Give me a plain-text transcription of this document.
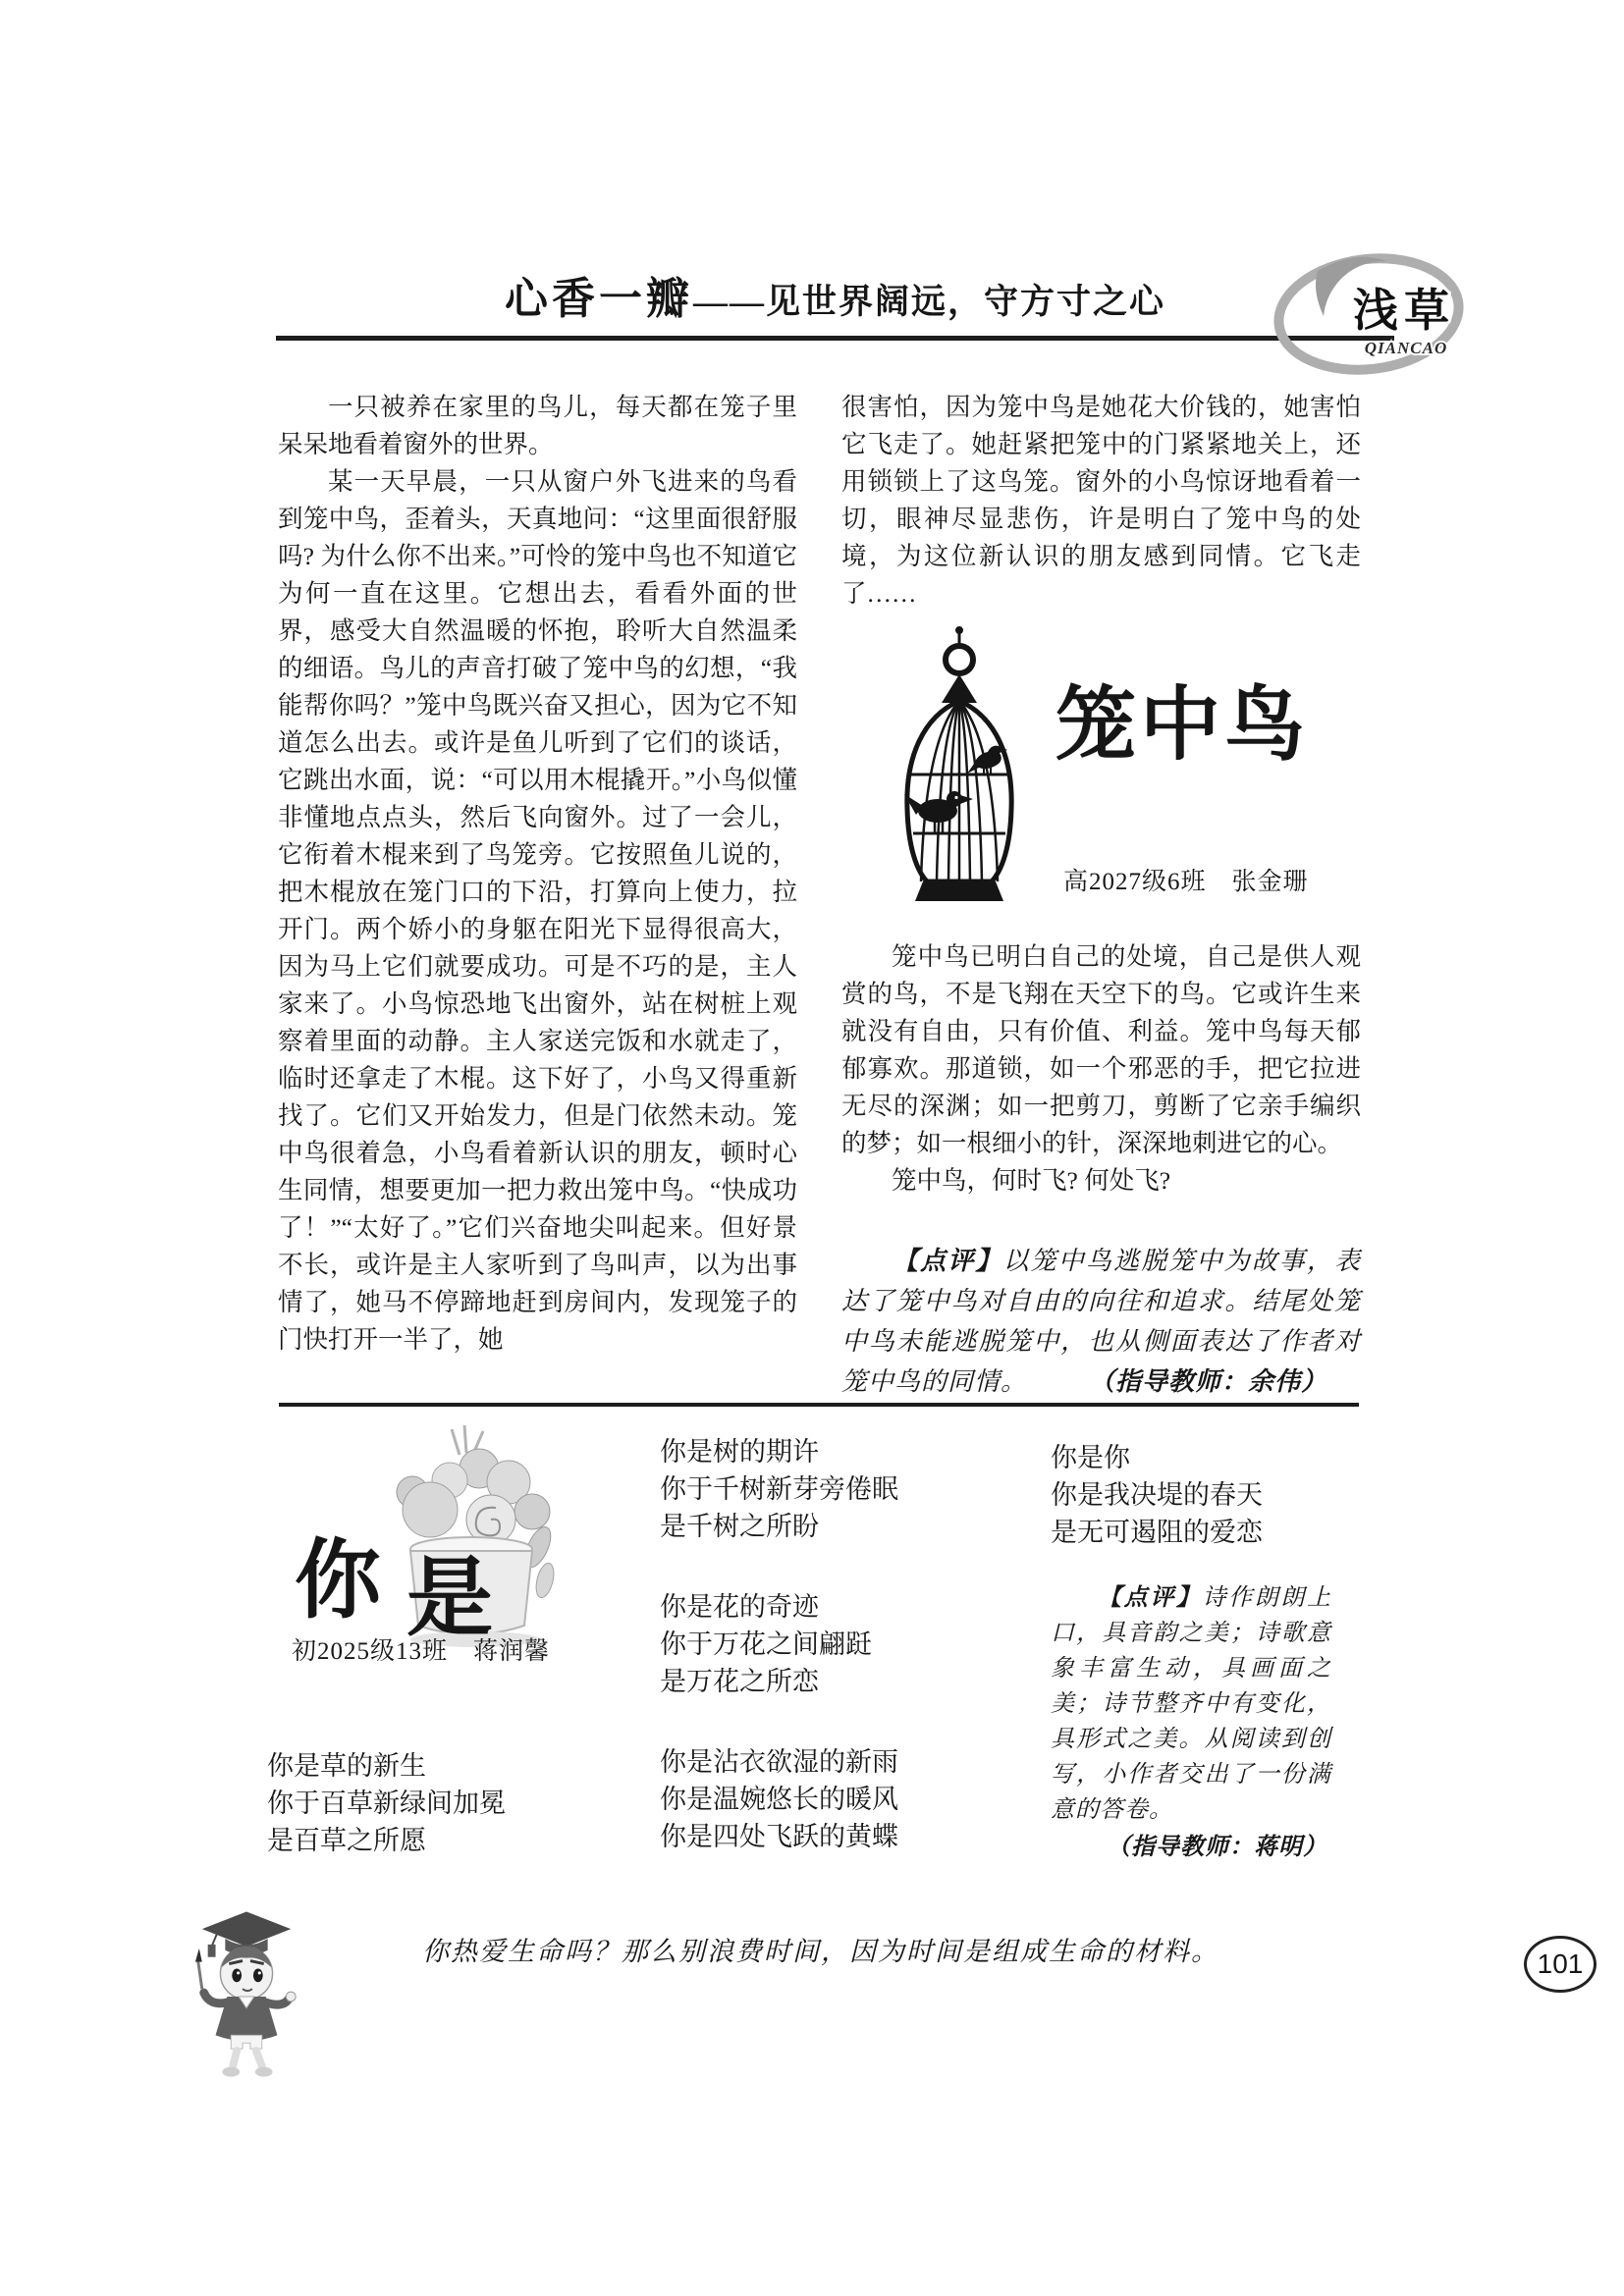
心香一瓣——见世界阔远，守方寸之心	浅草
QIANCAO

一只被养在家里的鸟儿，每天都在笼子里呆呆地看着窗外的世界。

某一天早晨，一只从窗户外飞进来的鸟看到笼中鸟，歪着头，天真地问：“这里面很舒服吗? 为什么你不出来。”可怜的笼中鸟也不知道它为何一直在这里。它想出去，看看外面的世界，感受大自然温暖的怀抱，聆听大自然温柔的细语。鸟儿的声音打破了笼中鸟的幻想，“我能帮你吗？”笼中鸟既兴奋又担心，因为它不知道怎么出去。或许是鱼儿听到了它们的谈话，它跳出水面，说：“可以用木棍撬开。”小鸟似懂非懂地点点头，然后飞向窗外。过了一会儿，它衔着木棍来到了鸟笼旁。它按照鱼儿说的，把木棍放在笼门口的下沿，打算向上使力，拉开门。两个娇小的身躯在阳光下显得很高大，因为马上它们就要成功。可是不巧的是，主人家来了。小鸟惊恐地飞出窗外，站在树桩上观察着里面的动静。主人家送完饭和水就走了，临时还拿走了木棍。这下好了，小鸟又得重新找了。它们又开始发力，但是门依然未动。笼中鸟很着急，小鸟看着新认识的朋友，顿时心生同情，想要更加一把力救出笼中鸟。“快成功了！”“太好了。”它们兴奋地尖叫起来。但好景不长，或许是主人家听到了鸟叫声，以为出事情了，她马不停蹄地赶到房间内，发现笼子的门快打开一半了，她

很害怕，因为笼中鸟是她花大价钱的，她害怕它飞走了。她赶紧把笼中的门紧紧地关上，还用锁锁上了这鸟笼。窗外的小鸟惊讶地看着一切，眼神尽显悲伤，许是明白了笼中鸟的处境，为这位新认识的朋友感到同情。它飞走了……

笼中鸟
高2027级6班　张金珊

笼中鸟已明白自己的处境，自己是供人观赏的鸟，不是飞翔在天空下的鸟。它或许生来就没有自由，只有价值、利益。笼中鸟每天郁郁寡欢。那道锁，如一个邪恶的手，把它拉进无尽的深渊；如一把剪刀，剪断了它亲手编织的梦；如一根细小的针，深深地刺进它的心。

笼中鸟，何时飞? 何处飞?

【点评】以笼中鸟逃脱笼中为故事，表达了笼中鸟对自由的向往和追求。结尾处笼中鸟未能逃脱笼中，也从侧面表达了作者对笼中鸟的同情。	（指导教师：余伟）
你 是
初2025级13班　蒋润馨
你是草的新生
你于百草新绿间加冕
是百草之所愿
你是树的期许
你于千树新芽旁倦眠
是千树之所盼
你是花的奇迹
你于万花之间翩跹
是万花之所恋
你是沾衣欲湿的新雨
你是温婉悠长的暖风
你是四处飞跃的黄蝶
你是你
你是我决堤的春天
是无可遏阻的爱恋
【点评】诗作朗朗上口，具音韵之美；诗歌意象丰富生动，具画面之美；诗节整齐中有变化，具形式之美。从阅读到创写，小作者交出了一份满意的答卷。
（指导教师：蒋明）
你热爱生命吗？那么别浪费时间，因为时间是组成生命的材料。	101
